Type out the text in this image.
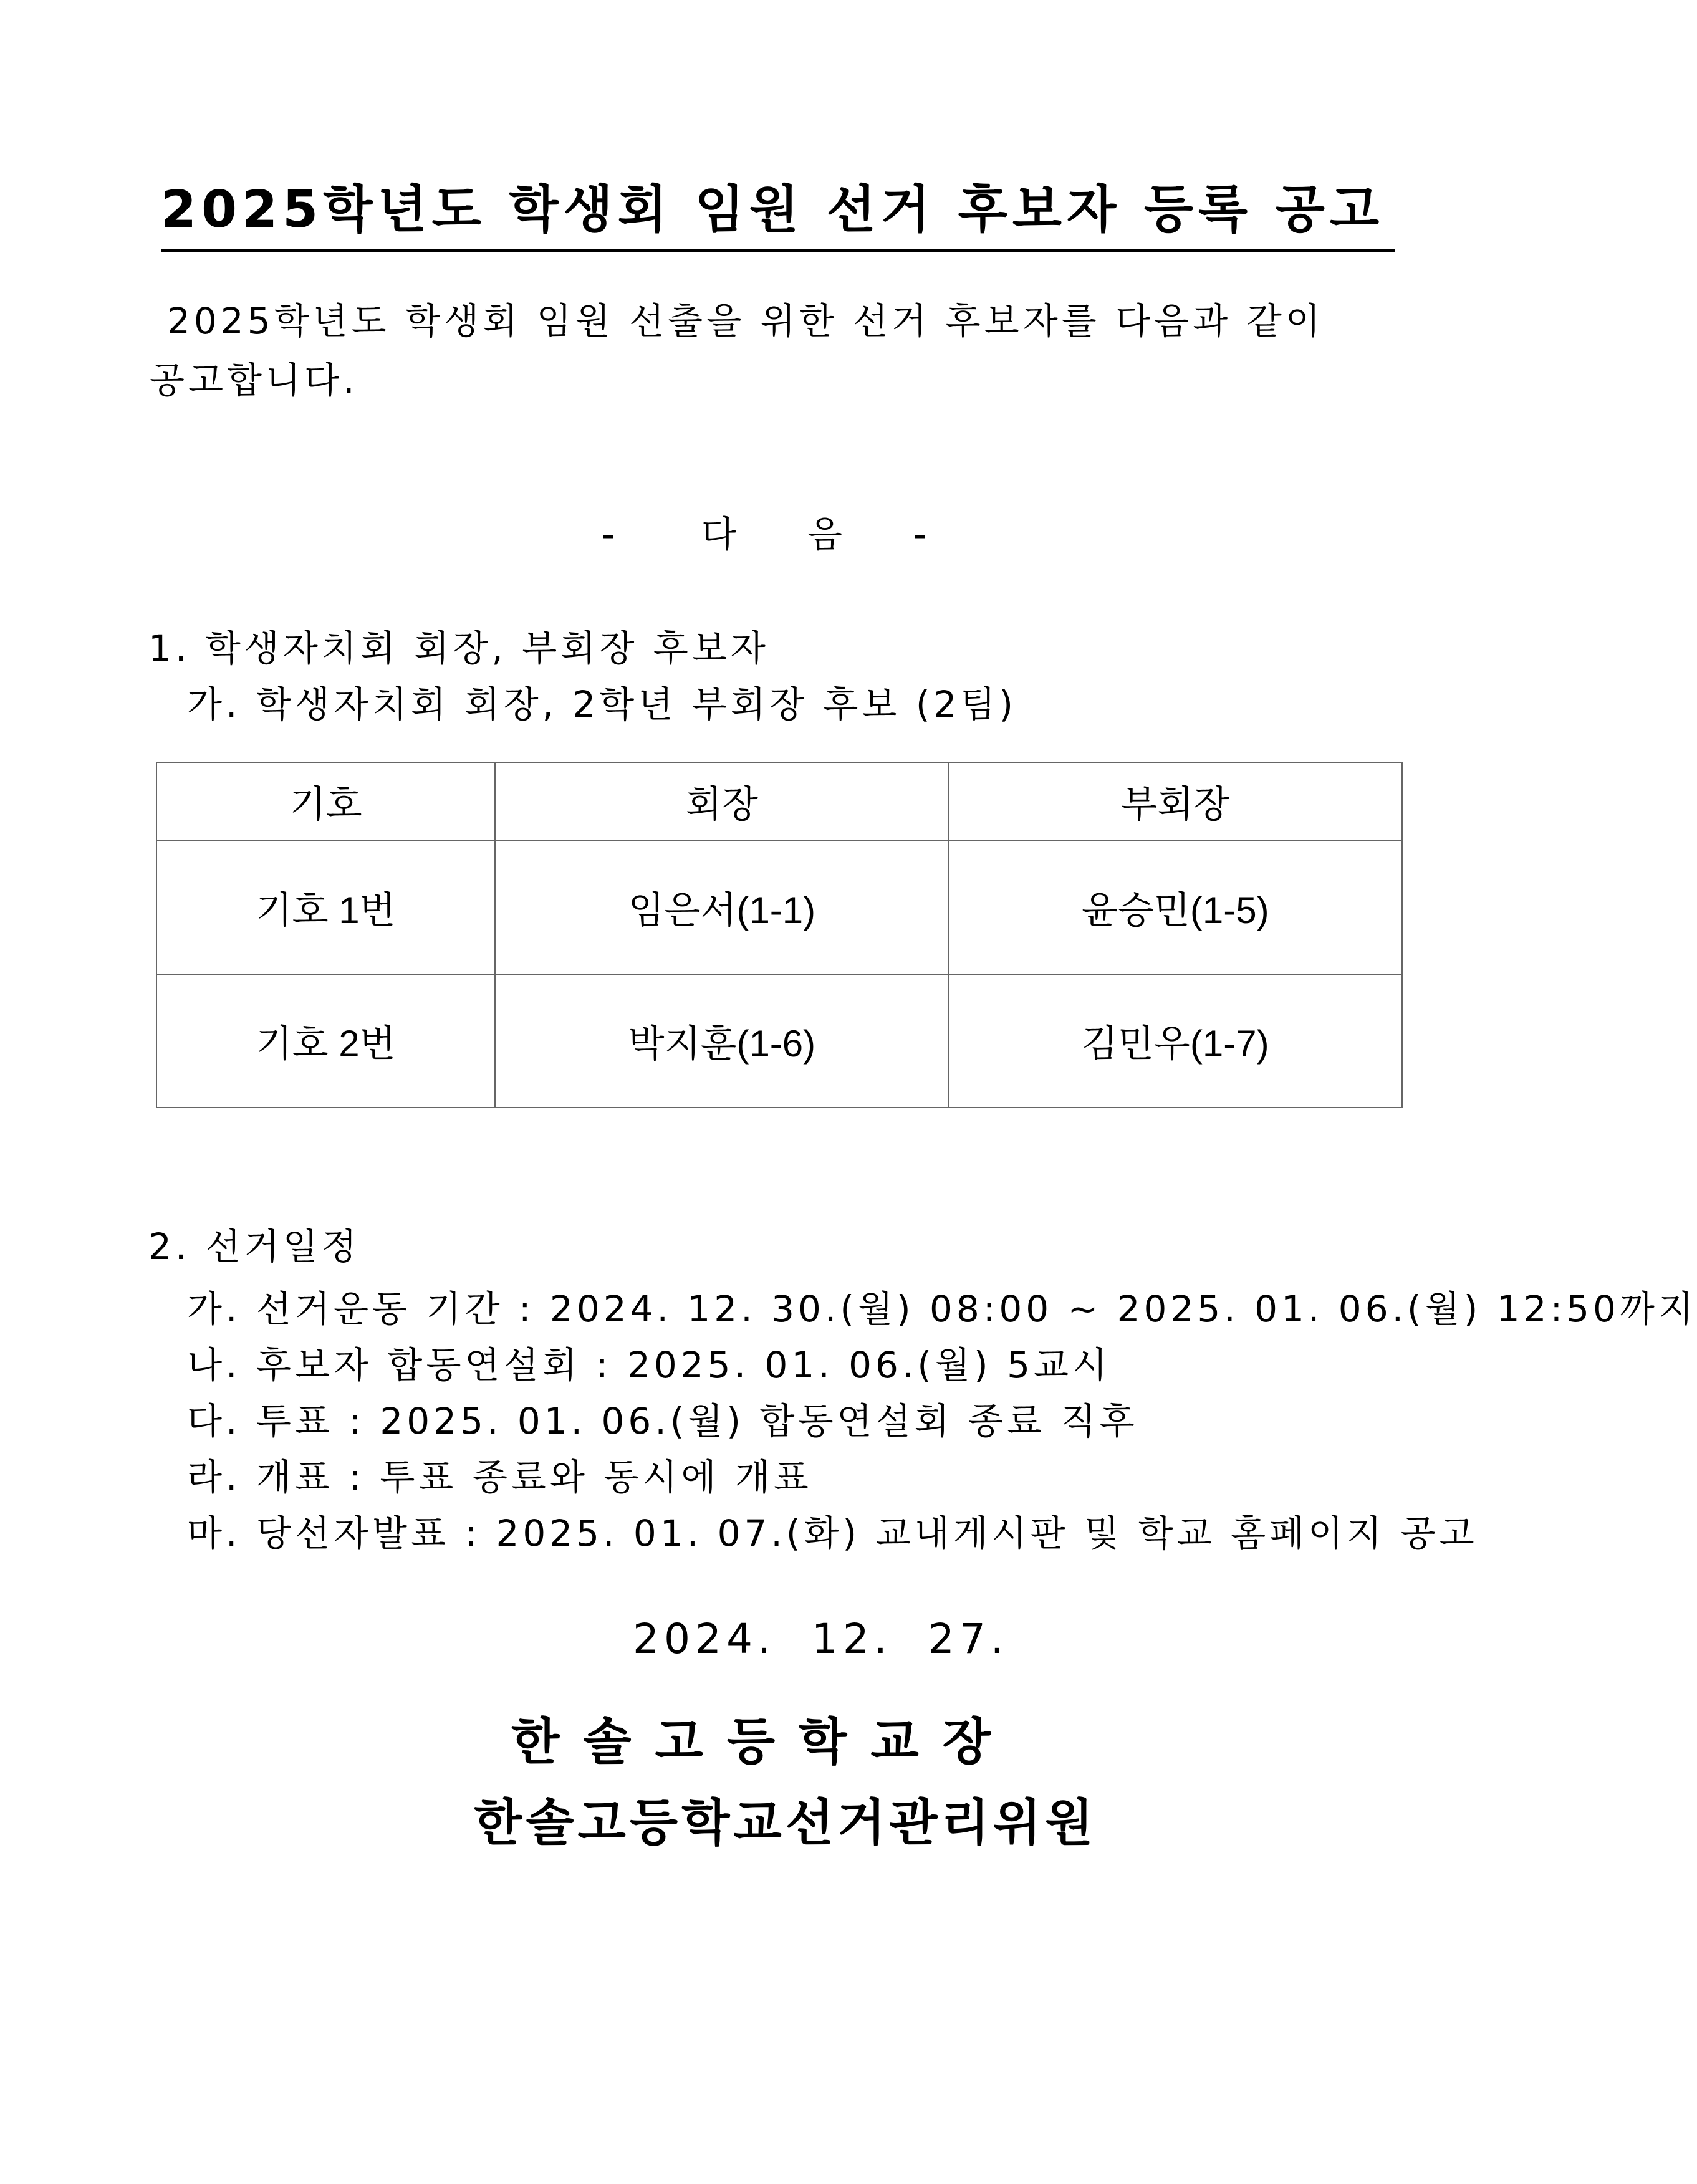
2025학년도 학생회 임원 선거 후보자 등록 공고
2025학년도 학생회 임원 선출을 위한 선거 후보자를 다음과 같이
공고합니다.
- 다 음 -
1. 학생자치회 회장, 부회장 후보자
가. 학생자치회 회장, 2학년 부회장 후보 (2팀)
기호	회장	부회장
기호 1번	임은서(1-1)	윤승민(1-5)
기호 2번	박지훈(1-6)	김민우(1-7)
2. 선거일정
가. 선거운동 기간 : 2024. 12. 30.(월) 08:00 ~ 2025. 01. 06.(월) 12:50까지
나. 후보자 합동연설회 : 2025. 01. 06.(월) 5교시
다. 투표 : 2025. 01. 06.(월) 합동연설회 종료 직후
라. 개표 : 투표 종료와 동시에 개표
마. 당선자발표 : 2025. 01. 07.(화) 교내게시판 및 학교 홈페이지 공고
2024.  12.  27.
한솔고등학교장
한솔고등학교선거관리위원
